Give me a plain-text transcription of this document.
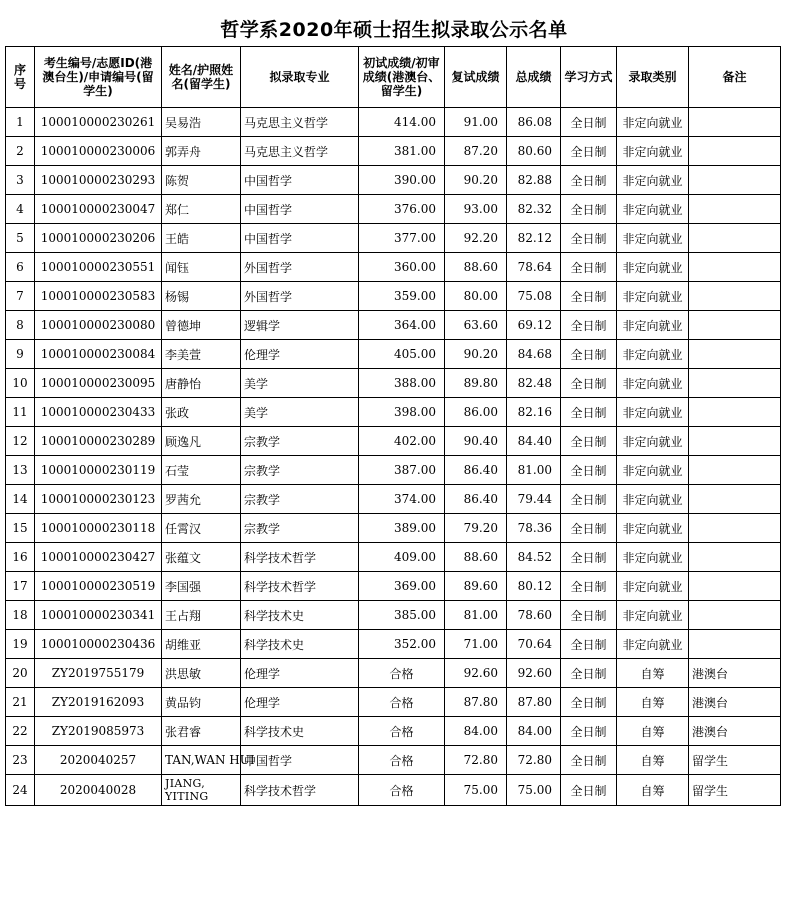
哲学系2020年硕士招生拟录取公示名单
序号	考生编号/志愿ID(港澳台生)/申请编号(留学生)	姓名/护照姓名(留学生)	拟录取专业	初试成绩/初审成绩(港澳台、留学生)	复试成绩	总成绩	学习方式	录取类别	备注
1	100010000230261	吴易浩	马克思主义哲学	414.00	91.00	86.08	全日制	非定向就业	
2	100010000230006	郭弄舟	马克思主义哲学	381.00	87.20	80.60	全日制	非定向就业	
3	100010000230293	陈贺	中国哲学	390.00	90.20	82.88	全日制	非定向就业	
4	100010000230047	郑仁	中国哲学	376.00	93.00	82.32	全日制	非定向就业	
5	100010000230206	王皓	中国哲学	377.00	92.20	82.12	全日制	非定向就业	
6	100010000230551	闻钰	外国哲学	360.00	88.60	78.64	全日制	非定向就业	
7	100010000230583	杨锡	外国哲学	359.00	80.00	75.08	全日制	非定向就业	
8	100010000230080	曾德坤	逻辑学	364.00	63.60	69.12	全日制	非定向就业	
9	100010000230084	李美萱	伦理学	405.00	90.20	84.68	全日制	非定向就业	
10	100010000230095	唐静怡	美学	388.00	89.80	82.48	全日制	非定向就业	
11	100010000230433	张政	美学	398.00	86.00	82.16	全日制	非定向就业	
12	100010000230289	顾逸凡	宗教学	402.00	90.40	84.40	全日制	非定向就业	
13	100010000230119	石莹	宗教学	387.00	86.40	81.00	全日制	非定向就业	
14	100010000230123	罗茜允	宗教学	374.00	86.40	79.44	全日制	非定向就业	
15	100010000230118	任霄汉	宗教学	389.00	79.20	78.36	全日制	非定向就业	
16	100010000230427	张蕴文	科学技术哲学	409.00	88.60	84.52	全日制	非定向就业	
17	100010000230519	李国强	科学技术哲学	369.00	89.60	80.12	全日制	非定向就业	
18	100010000230341	王占翔	科学技术史	385.00	81.00	78.60	全日制	非定向就业	
19	100010000230436	胡维亚	科学技术史	352.00	71.00	70.64	全日制	非定向就业	
20	ZY2019755179	洪思敏	伦理学	合格	92.60	92.60	全日制	自筹	港澳台
21	ZY2019162093	黄品钧	伦理学	合格	87.80	87.80	全日制	自筹	港澳台
22	ZY2019085973	张君睿	科学技术史	合格	84.00	84.00	全日制	自筹	港澳台
23	2020040257	TAN,WAN HUI	中国哲学	合格	72.80	72.80	全日制	自筹	留学生
24	2020040028	JIANG, YITING	科学技术哲学	合格	75.00	75.00	全日制	自筹	留学生
